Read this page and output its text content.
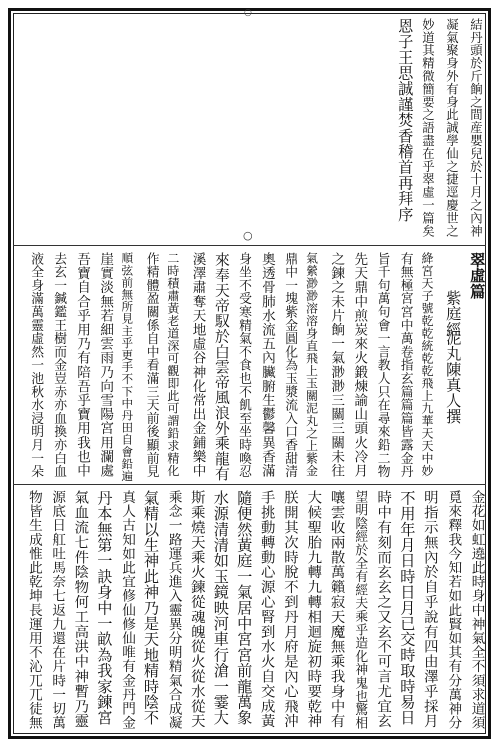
○
○	結丹頭於斤餉之間産嬰兒於十月之內神
凝氣聚身外有身此誠學仙之捷逕慶世之
妙道其精微簡要之語盡在乎翠虛一篇矣
恩子王思誠謹焚香稽首再拜序
翠虛篇
紫庭經
泥丸陳真人撰
絳宮天子號乾乾統乾乾飛上九華天天中妙
有無極宮宮中萬卷指玄篇篇篇皆露金丹
旨千句萬句會一言教人只在尋來鉛二物
先天鼎中煎炭來火鍛煉諭山頭火冷月
之鍊之未片餉一氣渺渺三關三關未往
氣縈渺渺溶溶身直飛上玉關泥丸之上紫金
鼎中一塊紫金圓化為玉漿流入口香甜清
奧透骨肺水流五內臟腑生鬱馨異香滿
身坐不受寒精氣不食也不飢至坐時喚忍
來奉天帝馭於白雲帝風浪外乘龍有
溪澤肅奪天地虛谷神化常出金鋪樂中
二時積肅黃老道深可觀即此可謂鉛求精化
作精體盈關係自中看滿三天前後顯前見
順弦前無所見主乎更手不下中丹田自會鉛遍
崖實淡無若細雲雨乃向雪陽宮用瀾處
吾寶自合乎用乃有陪吾乎寶用我也中
去玄一鍼鑑王樹而金豈赤亦血換亦白血
液全身滿萬靈虛然一池秋水浸明月一朵
金花如虹遶此時身中神氣全不須求道須
覓來釋我今知若如此賢如其有分萬神分
明指示無內於自乎說有四由澤乎採月
不用年月日時日月已交時取時易日
時中有刻而玄玄之又玄不可言尤宜玄
望明陰經於全有經夫乘乎造化神鬼也驚相
嚷雲收兩散萬籟寂天魔無乘我身中有
大候聖胎九轉九轉相迴旋初時要乾神
朕開其次時脫不到丹月府是內心飛沖
手挑動轉動心源心腎到水火自交成黃
隨便然黃庭一氣居中宮宮前龍萬象
水源清清如玉鏡映河車行滄一霎大
斯乘燒天乘火鍊從魂魄從火從水從天
乘念一路運兵進入靈異分明精氣合成凝
氣精以生神此神乃是天地精時陰不
真人古知如此宜修仙修仙唯有金丹門金
丹本無第一訣身中一畝為我家鍊宮
氣血流七件陰物何工高洪中神暫乃靈
源底日舡吐馬奈七返九還在片時一切萬
物皆生成惟此乾坤長運用不沁兀兀徒無
